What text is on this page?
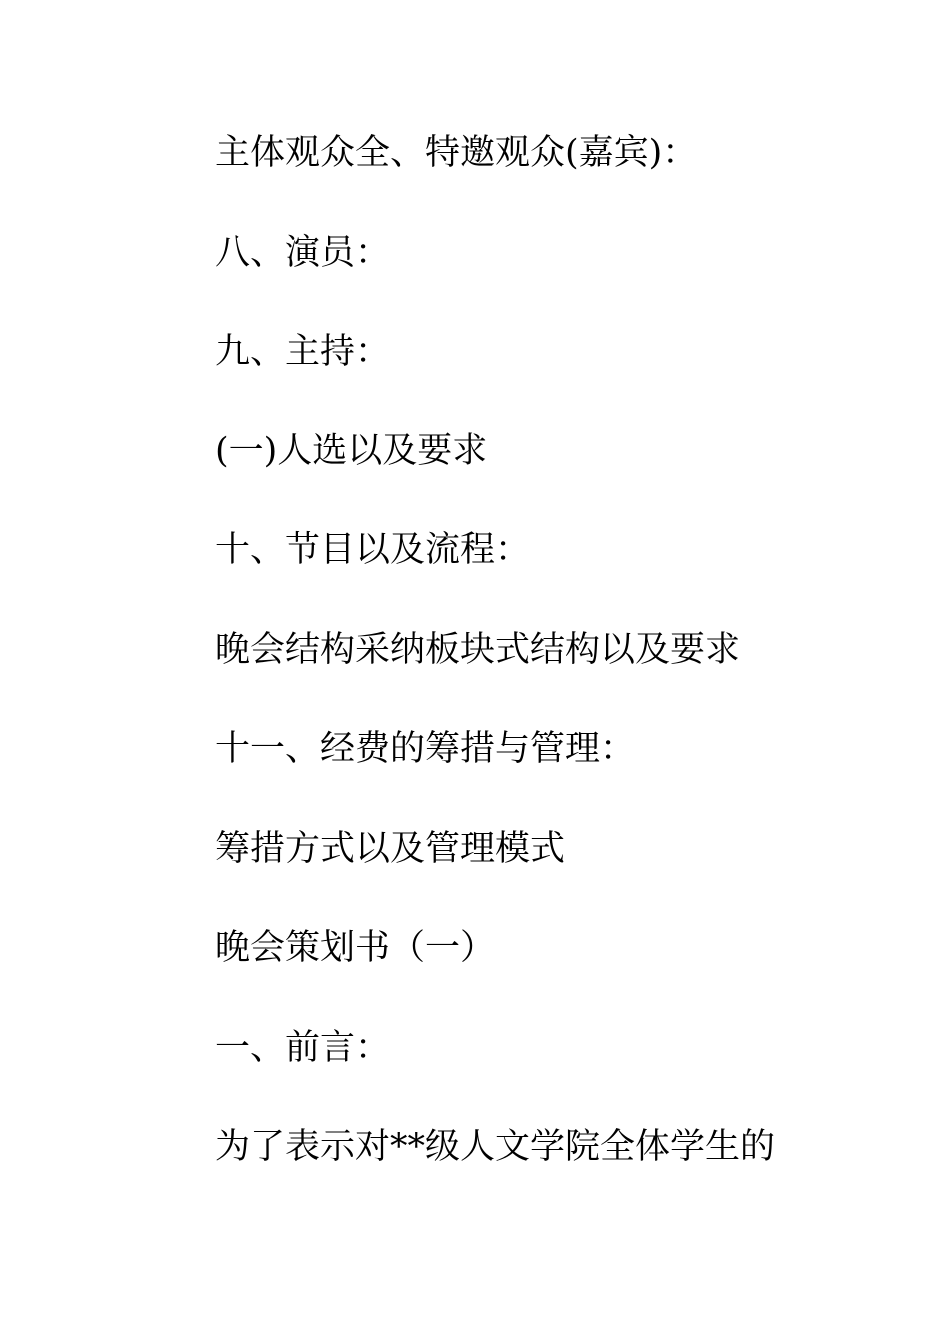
主体观众全、特邀观众(嘉宾)：

八、演员：

九、主持：

(一)人选以及要求

十、节目以及流程：

晚会结构采纳板块式结构以及要求

十一、经费的筹措与管理：

筹措方式以及管理模式

晚会策划书（一）

一、前言：

为了表示对**级人文学院全体学生的
